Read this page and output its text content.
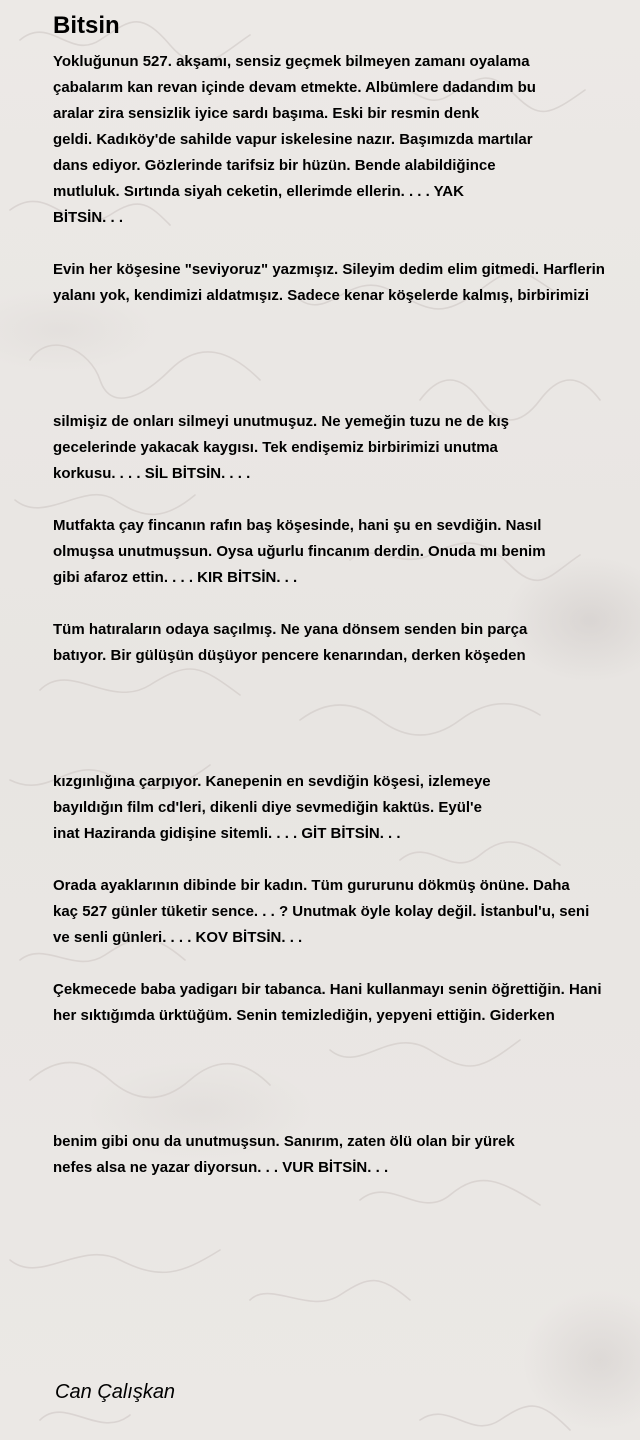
Bitsin

Yokluğunun 527. akşamı, sensiz geçmek bilmeyen zamanı oyalama

çabalarım kan revan içinde devam etmekte. Albümlere dadandım bu

aralar zira sensizlik iyice sardı başıma. Eski bir resmin denk

geldi. Kadıköy'de sahilde vapur iskelesine nazır. Başımızda martılar

dans ediyor. Gözlerinde tarifsiz bir hüzün. Bende alabildiğince

mutluluk. Sırtında siyah ceketin, ellerimde ellerin. . . . YAK

BİTSİN. . .

Evin her köşesine "seviyoruz" yazmışız. Sileyim dedim elim gitmedi. Harflerin

yalanı yok, kendimizi aldatmışız. Sadece kenar köşelerde kalmış, birbirimizi

silmişiz de onları silmeyi unutmuşuz. Ne yemeğin tuzu ne de kış

gecelerinde yakacak kaygısı. Tek endişemiz birbirimizi unutma

korkusu. . . . SİL BİTSİN. . . .

Mutfakta çay fincanın rafın baş köşesinde, hani şu en sevdiğin. Nasıl

olmuşsa unutmuşsun. Oysa uğurlu fincanım derdin. Onuda mı benim

gibi afaroz ettin. . . . KIR BİTSİN. . .

Tüm hatıraların odaya saçılmış. Ne yana dönsem senden bin parça

batıyor. Bir gülüşün düşüyor pencere kenarından, derken köşeden

kızgınlığına çarpıyor. Kanepenin en sevdiğin köşesi, izlemeye

bayıldığın film cd'leri, dikenli diye sevmediğin kaktüs. Eyül'e

inat Haziranda gidişine sitemli. . . . GİT BİTSİN. . .

Orada ayaklarının dibinde bir kadın. Tüm gururunu dökmüş önüne. Daha

kaç 527 günler tüketir sence. . . ? Unutmak öyle kolay değil. İstanbul'u, seni

ve senli günleri. . . . KOV BİTSİN. . .

Çekmecede baba yadigarı bir tabanca. Hani kullanmayı senin öğrettiğin. Hani

her sıktığımda ürktüğüm. Senin temizlediğin, yepyeni ettiğin. Giderken

benim gibi onu da unutmuşsun. Sanırım, zaten ölü olan bir yürek

nefes alsa ne yazar diyorsun. . . VUR BİTSİN. . .

Can Çalışkan
